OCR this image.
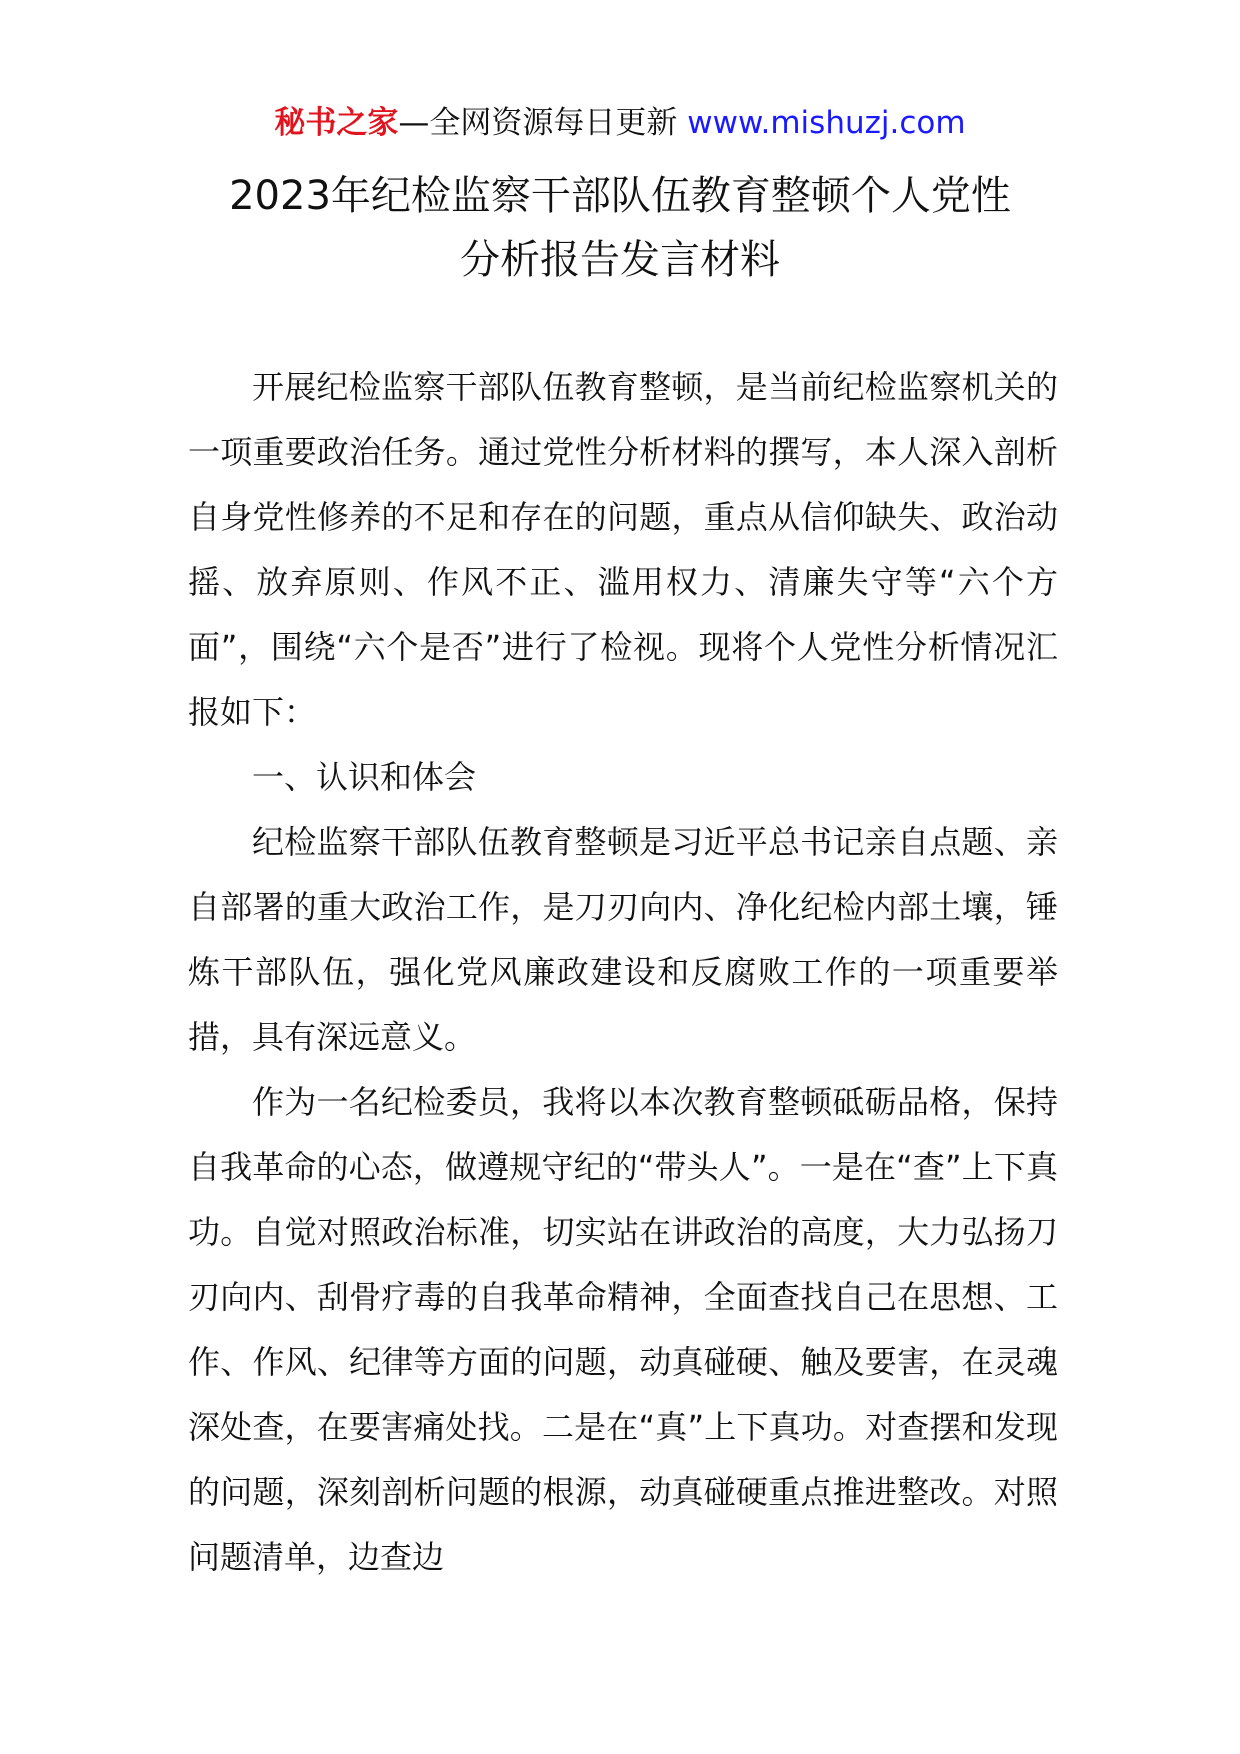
秘书之家—全网资源每日更新 www.mishuzj.com
2023年纪检监察干部队伍教育整顿个人党性
分析报告发言材料

开展纪检监察干部队伍教育整顿，是当前纪检监察机关的一项重要政治任务。通过党性分析材料的撰写，本人深入剖析自身党性修养的不足和存在的问题，重点从信仰缺失、政治动摇、放弃原则、作风不正、滥用权力、清廉失守等“六个方面”，围绕“六个是否”进行了检视。现将个人党性分析情况汇报如下：

一、认识和体会

纪检监察干部队伍教育整顿是习近平总书记亲自点题、亲自部署的重大政治工作，是刀刃向内、净化纪检内部土壤，锤炼干部队伍，强化党风廉政建设和反腐败工作的一项重要举措，具有深远意义。

作为一名纪检委员，我将以本次教育整顿砥砺品格，保持自我革命的心态，做遵规守纪的“带头人”。一是在“查”上下真功。自觉对照政治标准，切实站在讲政治的高度，大力弘扬刀刃向内、刮骨疗毒的自我革命精神，全面查找自己在思想、工作、作风、纪律等方面的问题，动真碰硬、触及要害，在灵魂深处查，在要害痛处找。二是在“真”上下真功。对查摆和发现的问题，深刻剖析问题的根源，动真碰硬重点推进整改。对照问题清单，边查边
